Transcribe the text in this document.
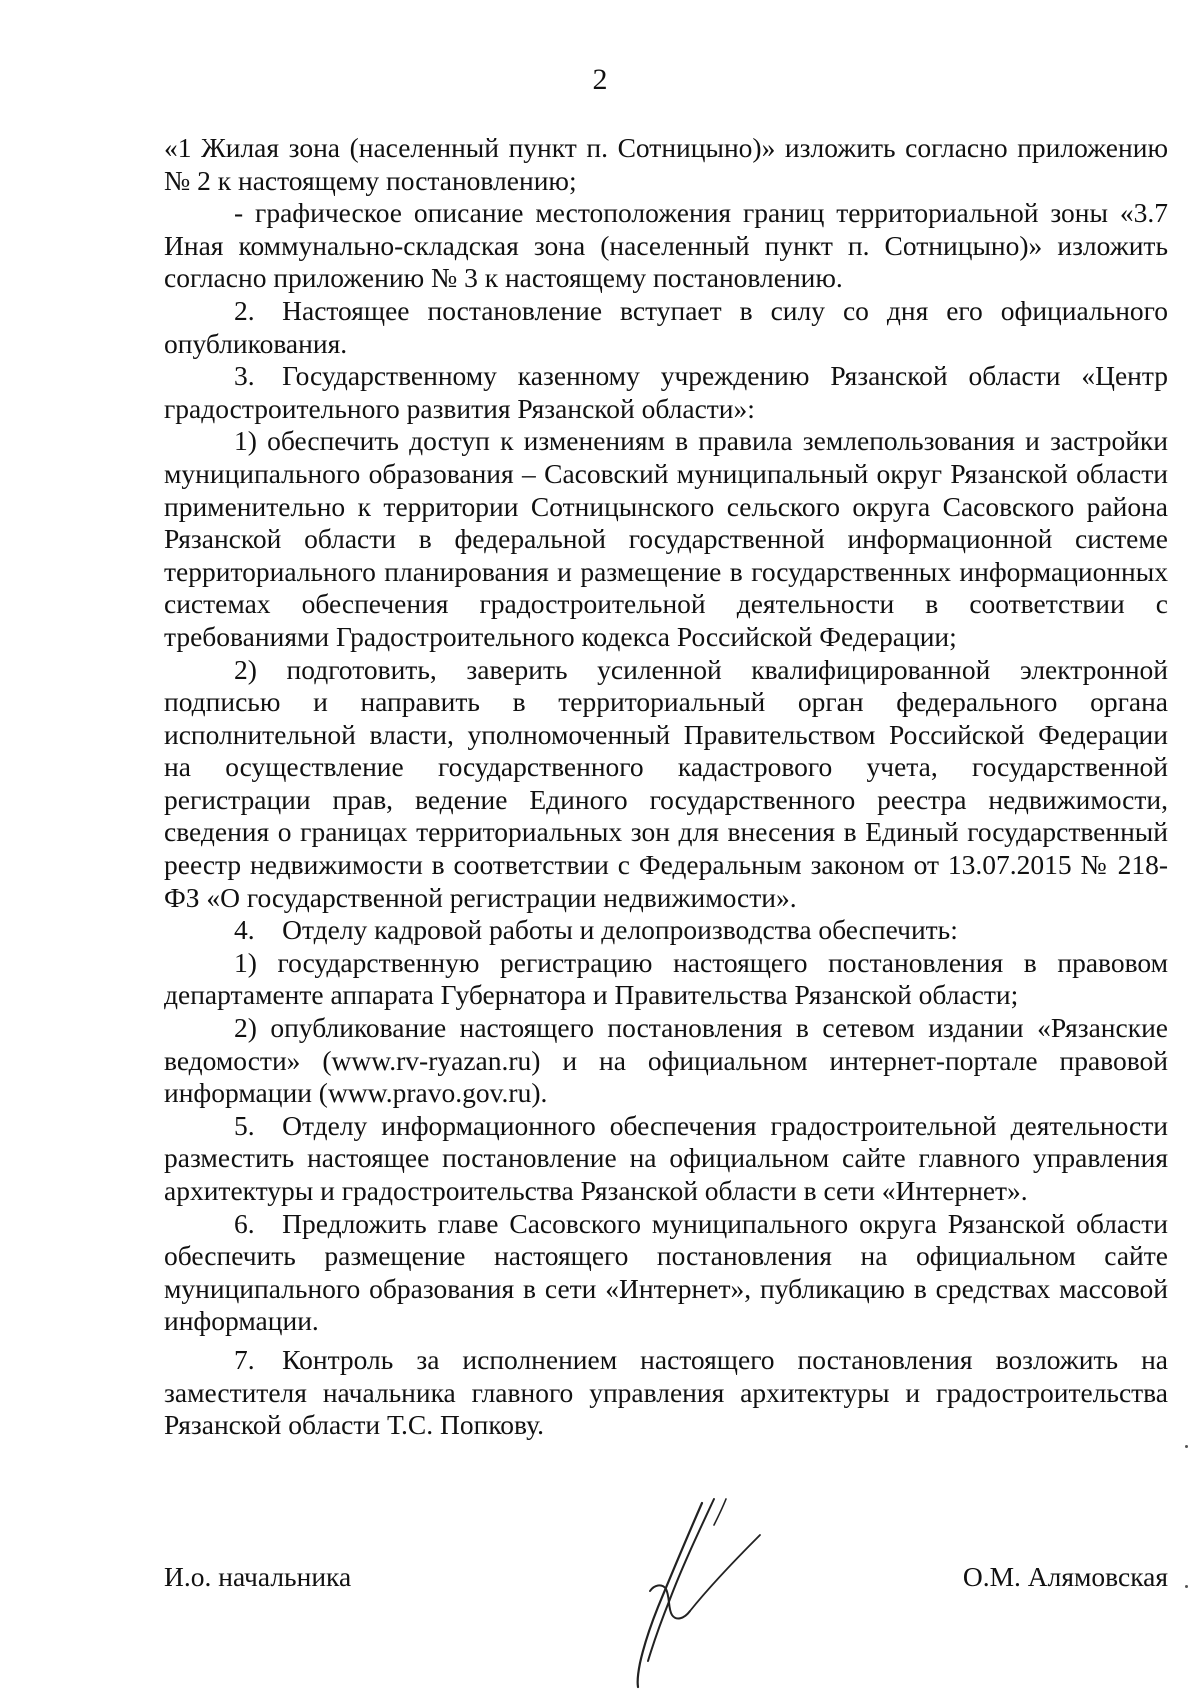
2

«1 Жилая зона (населенный пункт п. Сотницыно)» изложить согласно приложению № 2 к настоящему постановлению;

- графическое описание местоположения границ территориальной зоны «3.7 Иная коммунально-складская зона (населенный пункт п. Сотницыно)» изложить согласно приложению № 3 к настоящему постановлению.

2. Настоящее постановление вступает в силу со дня его официального опубликования.

3. Государственному казенному учреждению Рязанской области «Центр градостроительного развития Рязанской области»:

1) обеспечить доступ к изменениям в правила землепользования и застройки муниципального образования – Сасовский муниципальный округ Рязанской области применительно к территории Сотницынского сельского округа Сасовского района Рязанской области в федеральной государственной информационной системе территориального планирования и размещение в государственных информационных системах обеспечения градостроительной деятельности в соответствии с требованиями Градостроительного кодекса Российской Федерации;

2) подготовить, заверить усиленной квалифицированной электронной подписью и направить в территориальный орган федерального органа исполнительной власти, уполномоченный Правительством Российской Федерации на осуществление государственного кадастрового учета, государственной регистрации прав, ведение Единого государственного реестра недвижимости, сведения о границах территориальных зон для внесения в Единый государственный реестр недвижимости в соответствии с Федеральным законом от 13.07.2015 № 218-ФЗ «О государственной регистрации недвижимости».

4. Отделу кадровой работы и делопроизводства обеспечить:

1) государственную регистрацию настоящего постановления в правовом департаменте аппарата Губернатора и Правительства Рязанской области;

2) опубликование настоящего постановления в сетевом издании «Рязанские ведомости» (www.rv-ryazan.ru) и на официальном интернет-портале правовой информации (www.pravo.gov.ru).

5. Отделу информационного обеспечения градостроительной деятельности разместить настоящее постановление на официальном сайте главного управления архитектуры и градостроительства Рязанской области в сети «Интернет».

6. Предложить главе Сасовского муниципального округа Рязанской области обеспечить размещение настоящего постановления на официальном сайте муниципального образования в сети «Интернет», публикацию в средствах массовой информации.

7. Контроль за исполнением настоящего постановления возложить на заместителя начальника главного управления архитектуры и градостроительства Рязанской области Т.С. Попкову.

И.о. начальника	О.М. Алямовская
